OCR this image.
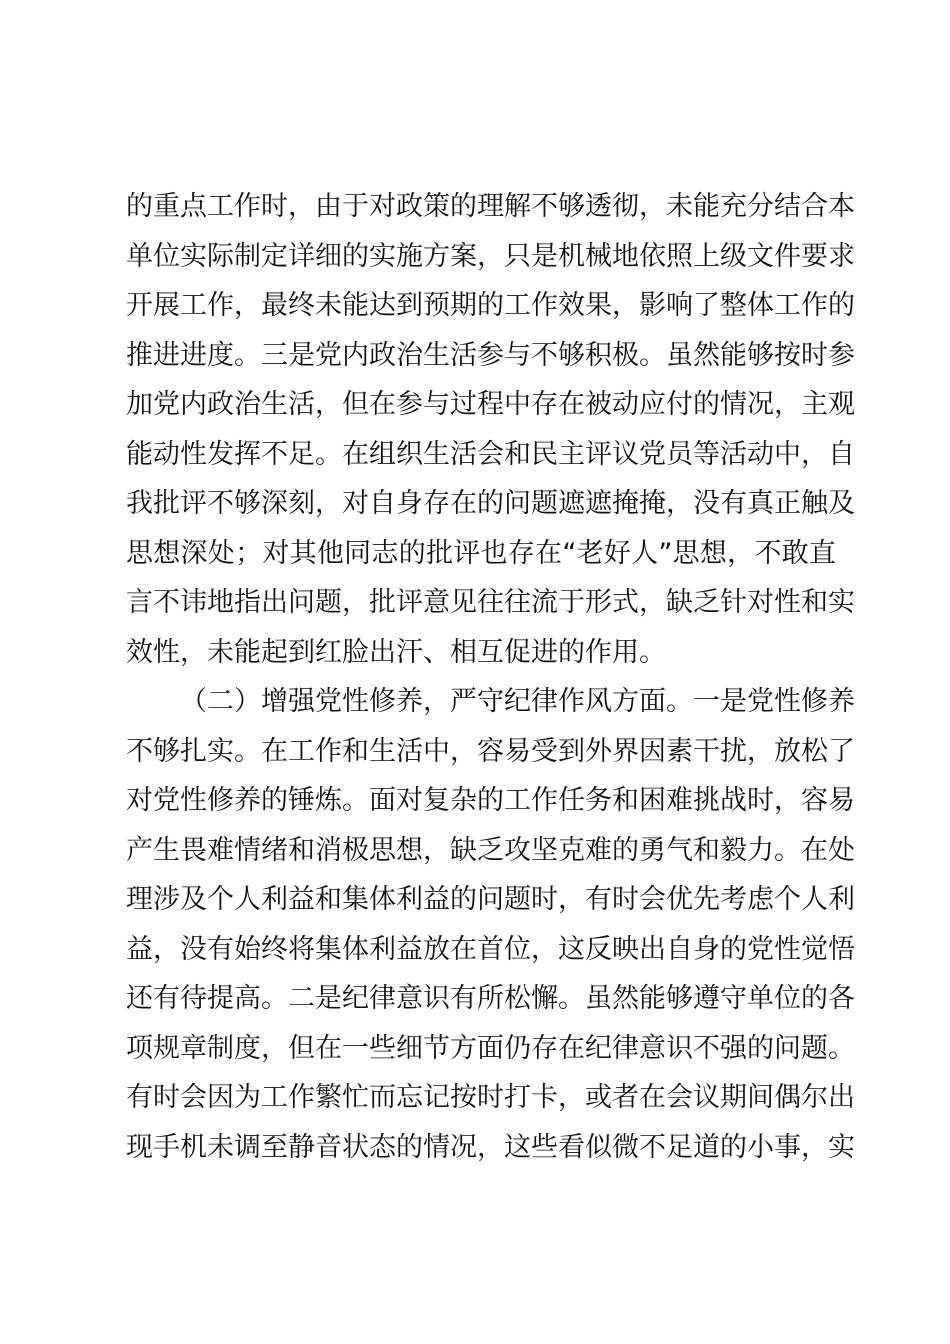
的重点工作时，由于对政策的理解不够透彻，未能充分结合本
单位实际制定详细的实施方案，只是机械地依照上级文件要求
开展工作，最终未能达到预期的工作效果，影响了整体工作的
推进进度。三是党内政治生活参与不够积极。虽然能够按时参
加党内政治生活，但在参与过程中存在被动应付的情况，主观
能动性发挥不足。在组织生活会和民主评议党员等活动中，自
我批评不够深刻，对自身存在的问题遮遮掩掩，没有真正触及
思想深处；对其他同志的批评也存在“老好人”思想，不敢直
言不讳地指出问题，批评意见往往流于形式，缺乏针对性和实
效性，未能起到红脸出汗、相互促进的作用。
（二）增强党性修养，严守纪律作风方面。一是党性修养
不够扎实。在工作和生活中，容易受到外界因素干扰，放松了
对党性修养的锤炼。面对复杂的工作任务和困难挑战时，容易
产生畏难情绪和消极思想，缺乏攻坚克难的勇气和毅力。在处
理涉及个人利益和集体利益的问题时，有时会优先考虑个人利
益，没有始终将集体利益放在首位，这反映出自身的党性觉悟
还有待提高。二是纪律意识有所松懈。虽然能够遵守单位的各
项规章制度，但在一些细节方面仍存在纪律意识不强的问题。
有时会因为工作繁忙而忘记按时打卡，或者在会议期间偶尔出
现手机未调至静音状态的情况，这些看似微不足道的小事，实
